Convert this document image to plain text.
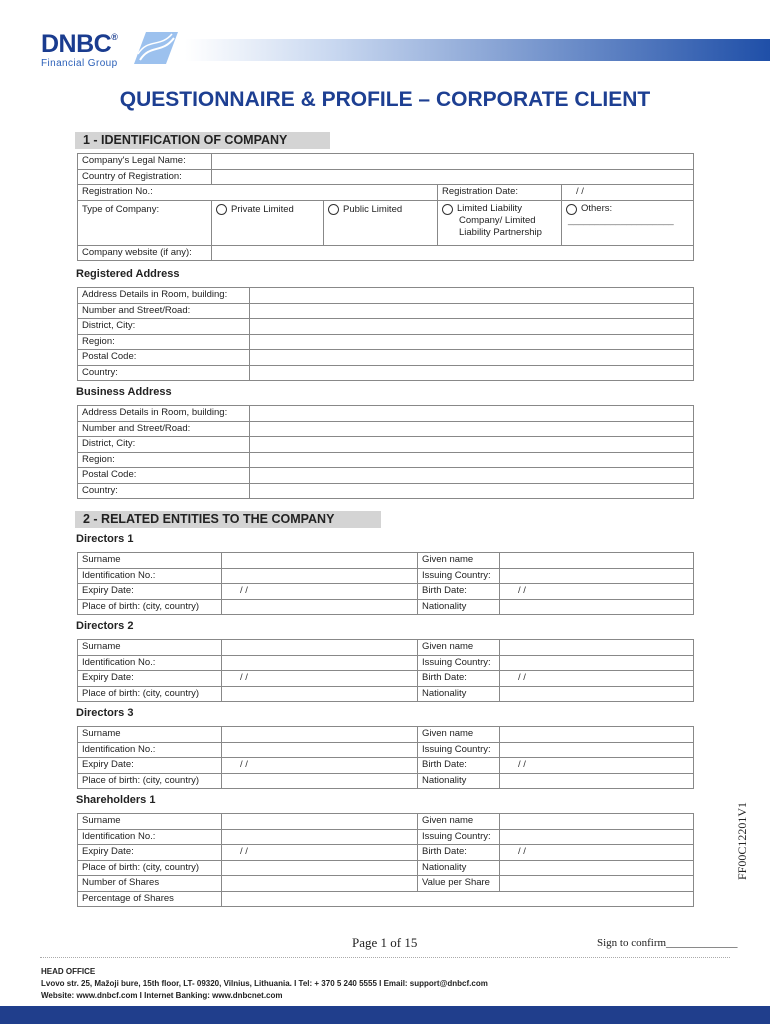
DNBC®
Financial Group
QUESTIONNAIRE & PROFILE – CORPORATE CLIENT
1 - IDENTIFICATION OF COMPANY
Company's Legal Name:				
Country of Registration:				
Registration No.:			Registration Date:	/ /
Type of Company:	Private Limited	Public Limited	Limited Liability
Company/ Limited
Liability Partnership	Others:
____________________
Company website (if any):				
Registered Address
Address Details in Room, building:	
Number and Street/Road:	
District, City:	
Region:	
Postal Code:	
Country:	
Business Address
Address Details in Room, building:	
Number and Street/Road:	
District, City:	
Region:	
Postal Code:	
Country:	
2 - RELATED ENTITIES TO THE COMPANY
Directors 1
Surname		Given name	
Identification No.:		Issuing Country:	
Expiry Date:	/ /	Birth Date:	/ /
Place of birth: (city, country)		Nationality	
Directors 2
Surname		Given name	
Identification No.:		Issuing Country:	
Expiry Date:	/ /	Birth Date:	/ /
Place of birth: (city, country)		Nationality	
Directors 3
Surname		Given name	
Identification No.:		Issuing Country:	
Expiry Date:	/ /	Birth Date:	/ /
Place of birth: (city, country)		Nationality	
Shareholders 1
Surname		Given name	
Identification No.:		Issuing Country:	
Expiry Date:	/ /	Birth Date:	/ /
Place of birth: (city, country)		Nationality	
Number of Shares		Value per Share	
Percentage of Shares			
FF00C12201V1
Page 1 of 15	Sign to confirm_____________
HEAD OFFICE
Lvovo str. 25, Mažoji bure, 15th floor, LT- 09320, Vilnius, Lithuania. I Tel: + 370 5 240 5555 I Email: support@dnbcf.com
Website: www.dnbcf.com I Internet Banking: www.dnbcnet.com
